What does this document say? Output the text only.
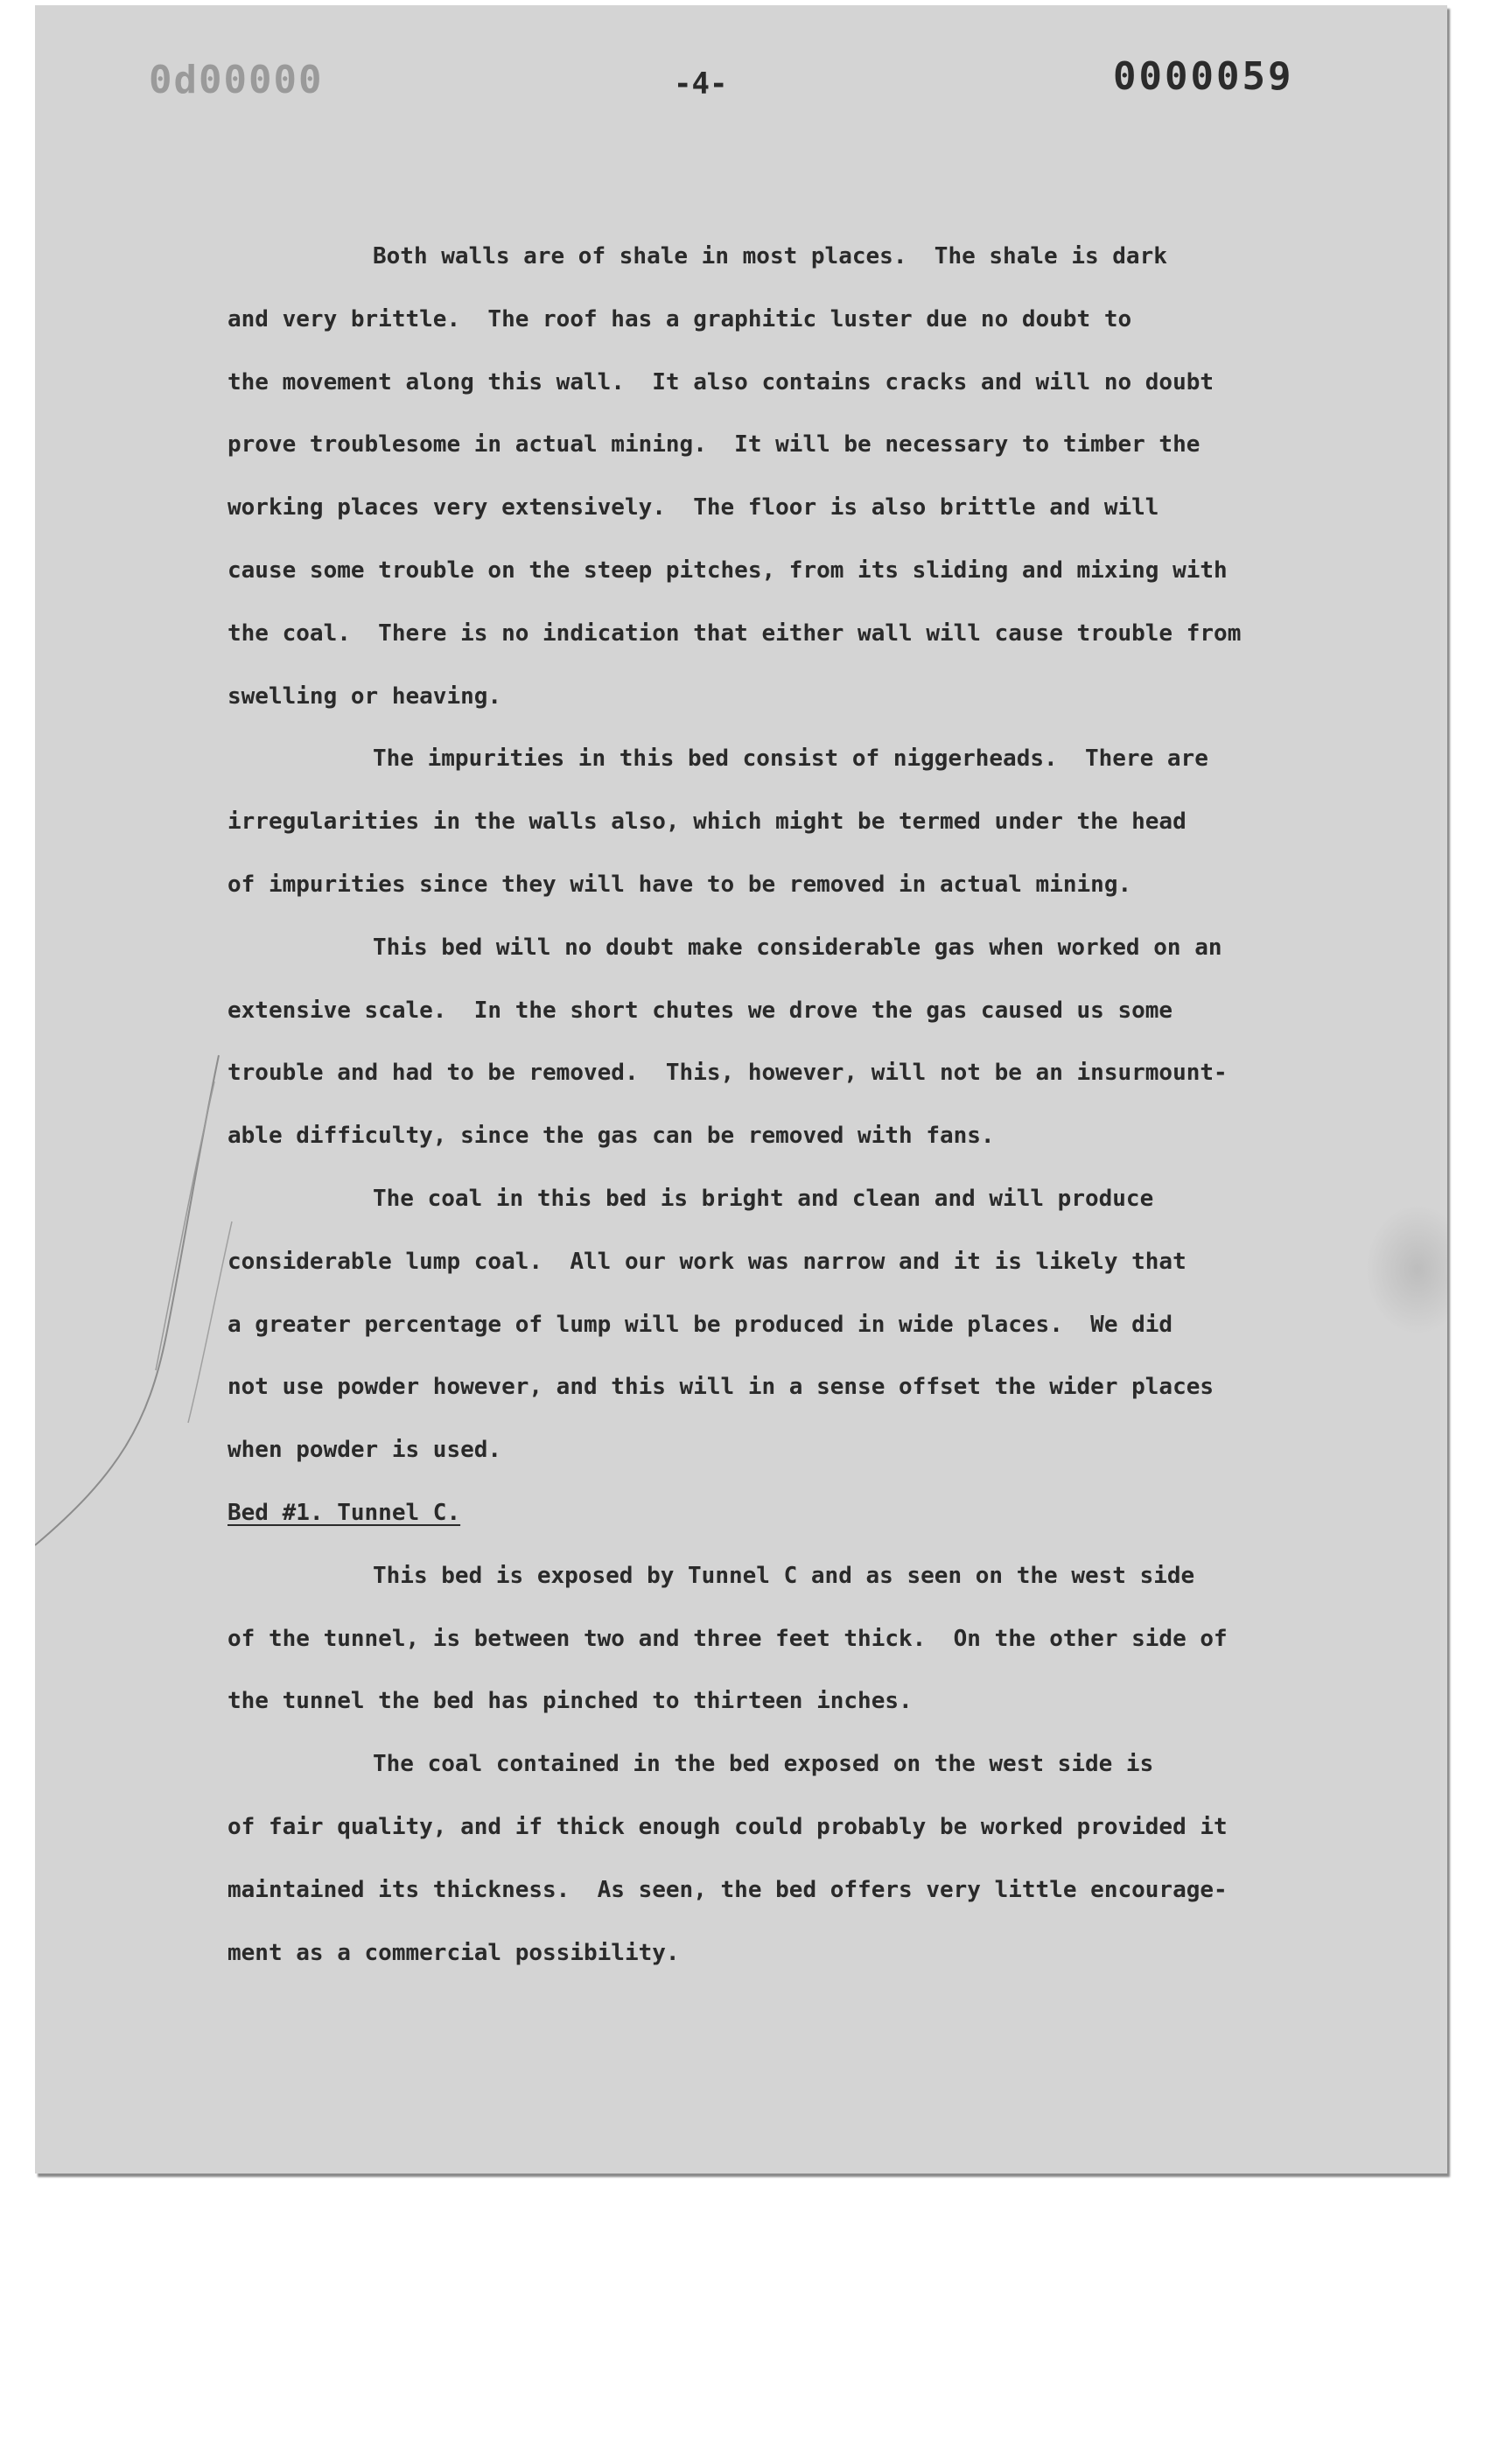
0d00000	-4-	0000059
Both walls are of shale in most places.  The shale is dark
and very brittle.  The roof has a graphitic luster due no doubt to
the movement along this wall.  It also contains cracks and will no doubt
prove troublesome in actual mining.  It will be necessary to timber the
working places very extensively.  The floor is also brittle and will
cause some trouble on the steep pitches, from its sliding and mixing with
the coal.  There is no indication that either wall will cause trouble from
swelling or heaving.
The impurities in this bed consist of niggerheads.  There are
irregularities in the walls also, which might be termed under the head
of impurities since they will have to be removed in actual mining.
This bed will no doubt make considerable gas when worked on an
extensive scale.  In the short chutes we drove the gas caused us some
trouble and had to be removed.  This, however, will not be an insurmount-
able difficulty, since the gas can be removed with fans.
The coal in this bed is bright and clean and will produce
considerable lump coal.  All our work was narrow and it is likely that
a greater percentage of lump will be produced in wide places.  We did
not use powder however, and this will in a sense offset the wider places
when powder is used.
Bed #1. Tunnel C.
This bed is exposed by Tunnel C and as seen on the west side
of the tunnel, is between two and three feet thick.  On the other side of
the tunnel the bed has pinched to thirteen inches.
The coal contained in the bed exposed on the west side is
of fair quality, and if thick enough could probably be worked provided it
maintained its thickness.  As seen, the bed offers very little encourage-
ment as a commercial possibility.
